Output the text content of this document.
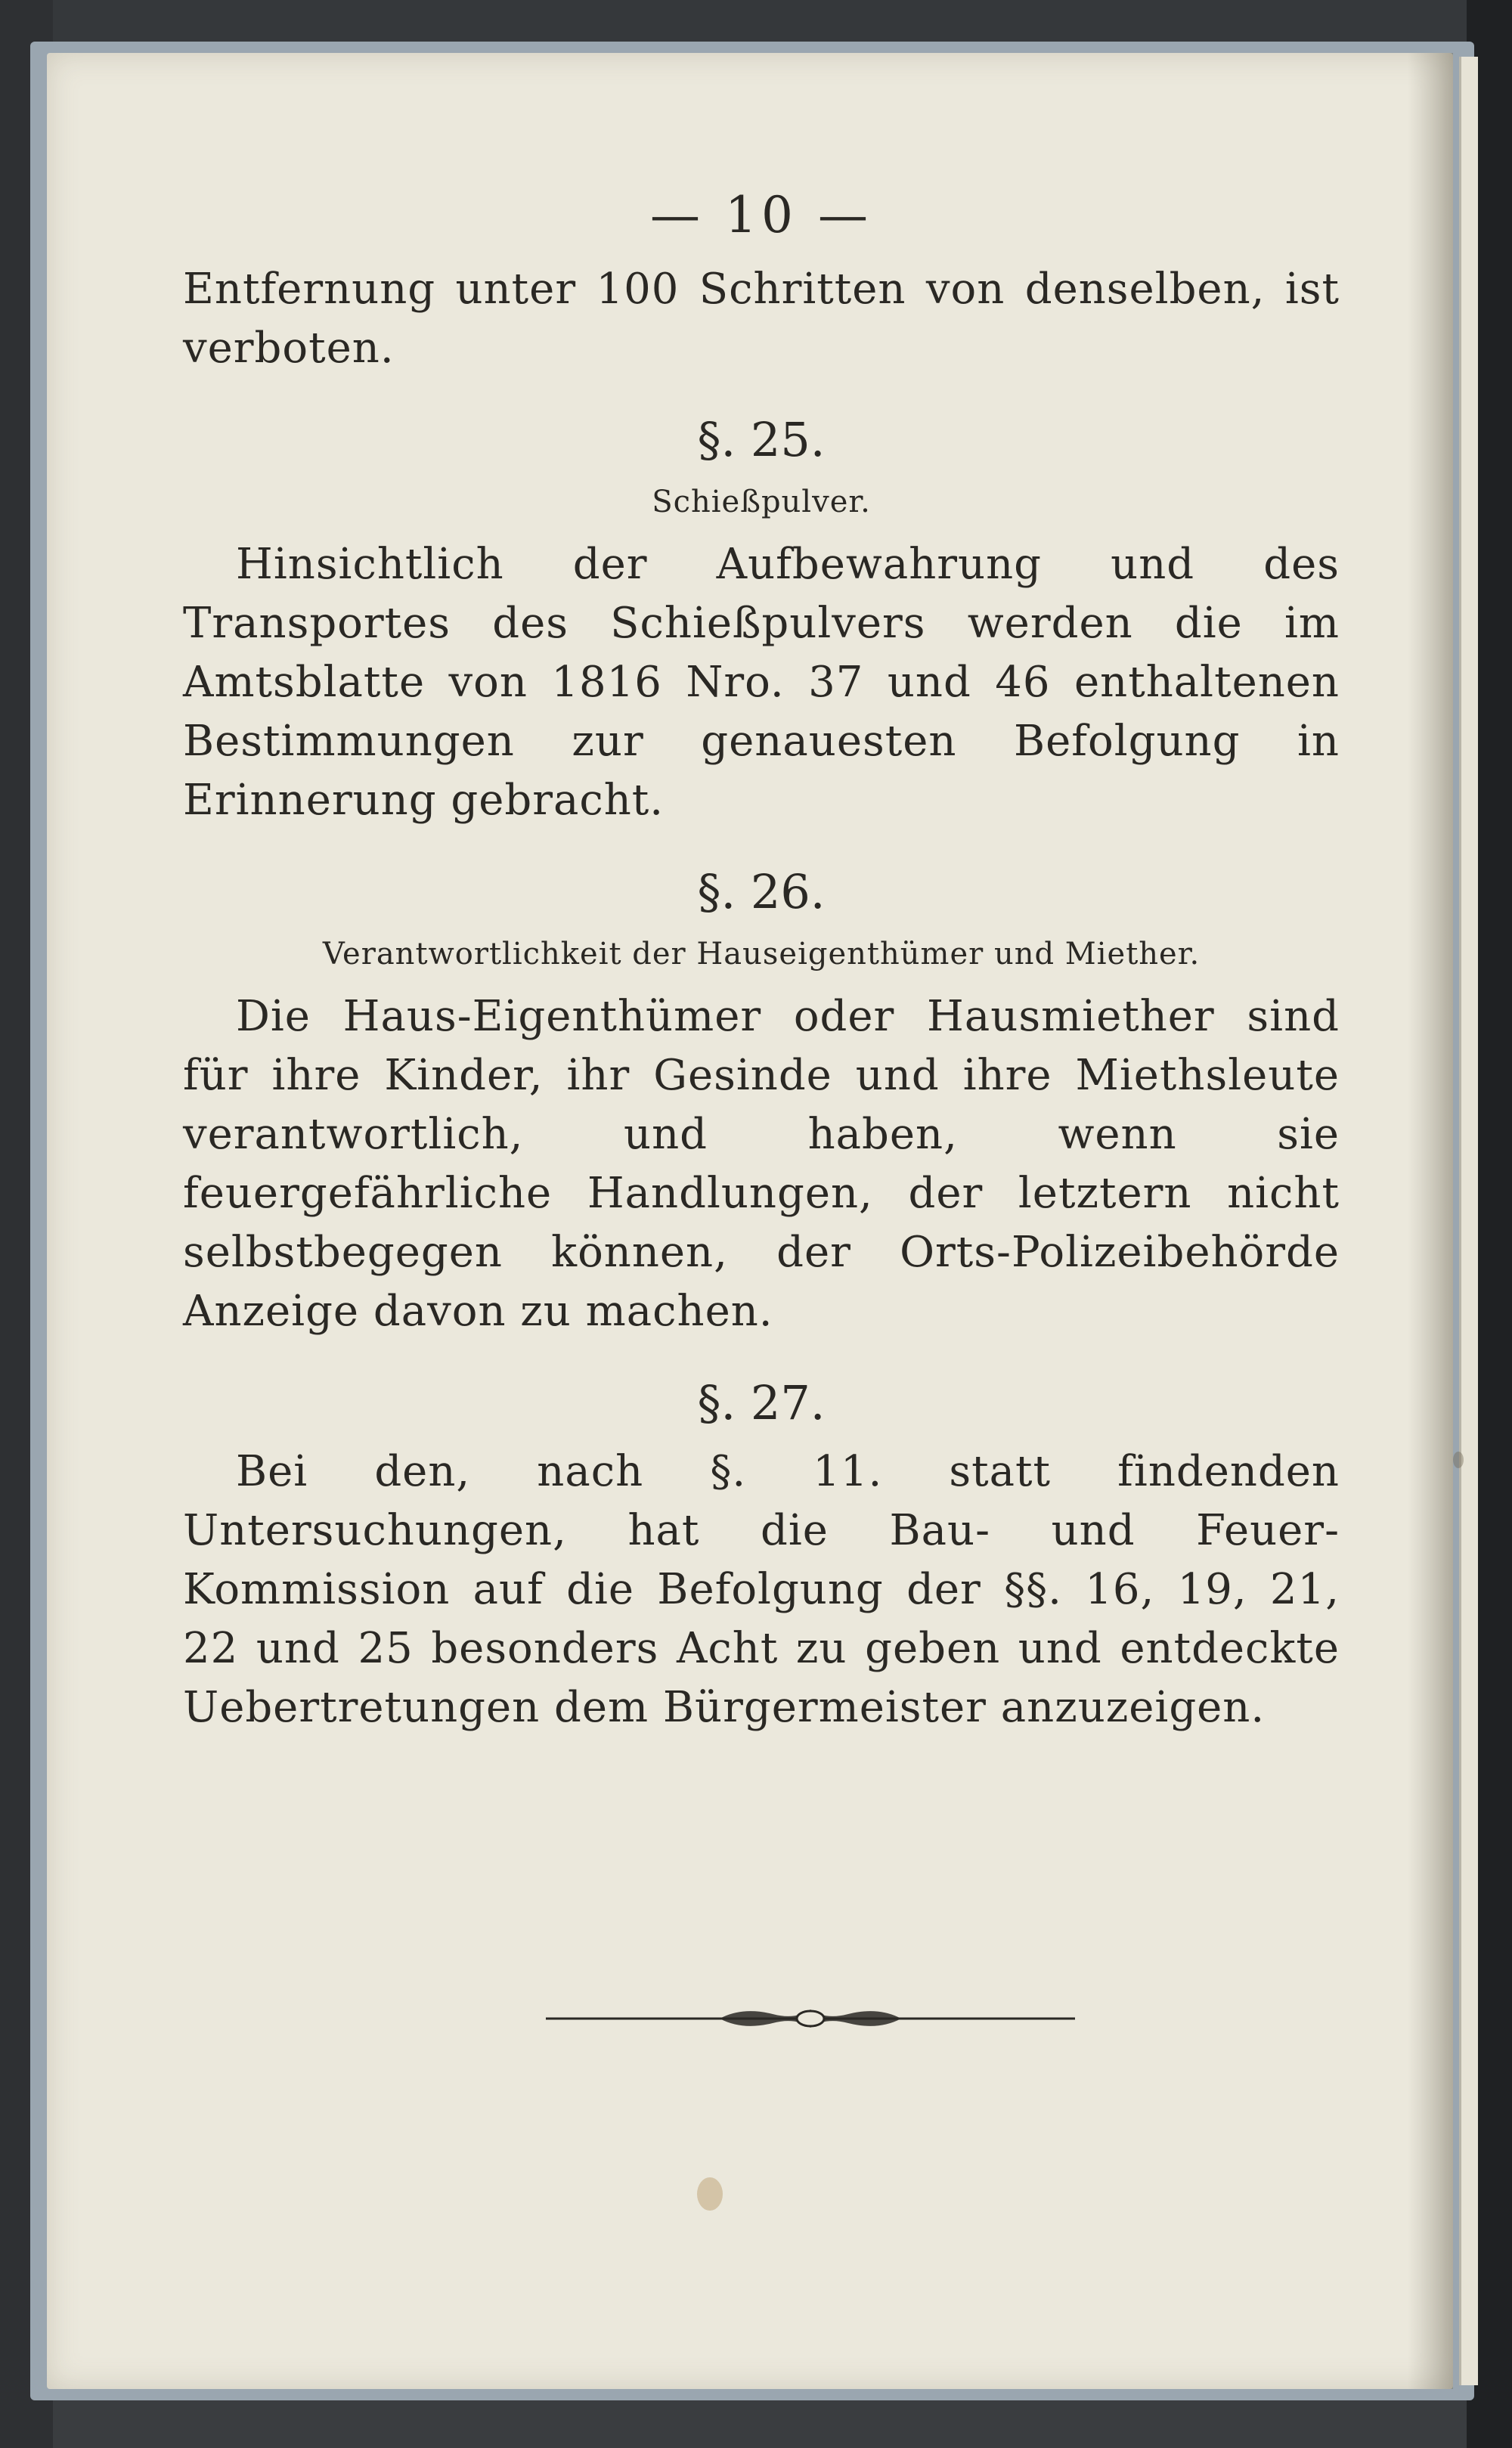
— 10 —

Entfernung unter 100 Schritten von denselben, ist verboten.

§. 25.
Schießpulver.

Hinsichtlich der Aufbewahrung und des Transportes des Schießpulvers werden die im Amtsblatte von 1816 Nro. 37 und 46 enthaltenen Bestimmungen zur genauesten Befolgung in Erinnerung gebracht.

§. 26.
Verantwortlichkeit der Hauseigenthümer und Miether.

Die Haus-Eigenthümer oder Hausmiether sind für ihre Kinder, ihr Gesinde und ihre Miethsleute verantwortlich, und haben, wenn sie feuergefährliche Handlungen, der letztern nicht selbstbegegen können, der Orts-Polizeibehörde Anzeige davon zu machen.

§. 27.

Bei den, nach §. 11. statt findenden Untersuchungen, hat die Bau- und Feuer-Kommission auf die Befolgung der §§. 16, 19, 21, 22 und 25 besonders Acht zu geben und entdeckte Uebertretungen dem Bürgermeister anzuzeigen.
